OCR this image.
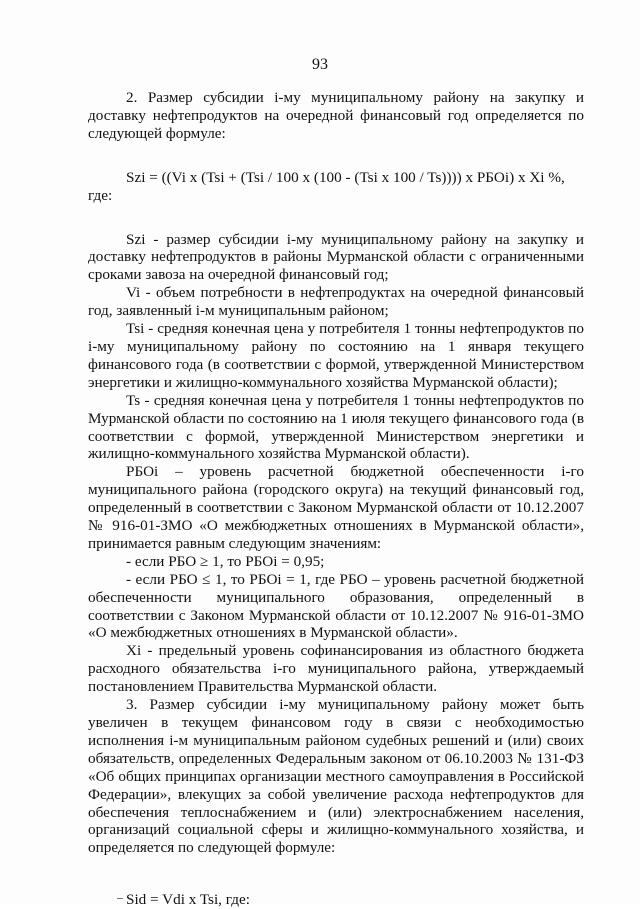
93

2. Размер субсидии i-му муниципальному району на закупку и доставку нефтепродуктов на очередной финансовый год определяется по следующей формуле:

Szi = ((Vi x (Tsi + (Tsi / 100 x (100 - (Tsi x 100 / Ts)))) x РБОi) x Xi %,

где:

Szi - размер субсидии i-му муниципальному району на закупку и доставку нефтепродуктов в районы Мурманской области с ограниченными сроками завоза на очередной финансовый год;

Vi - объем потребности в нефтепродуктах на очередной финансовый год, заявленный i-м муниципальным районом;

Tsi - средняя конечная цена у потребителя 1 тонны нефтепродуктов по i-му муниципальному району по состоянию на 1 января текущего финансового года (в соответствии с формой, утвержденной Министерством энергетики и жилищно-коммунального хозяйства Мурманской области);

Ts - средняя конечная цена у потребителя 1 тонны нефтепродуктов по Мурманской области по состоянию на 1 июля текущего финансового года (в соответствии с формой, утвержденной Министерством энергетики и жилищно-коммунального хозяйства Мурманской области).

РБОi – уровень расчетной бюджетной обеспеченности i-го муниципального района (городского округа) на текущий финансовый год, определенный в соответствии с Законом Мурманской области от 10.12.2007 № 916-01-ЗМО «О межбюджетных отношениях в Мурманской области», принимается равным следующим значениям:

- если РБО ≥ 1, то РБОi = 0,95;

- если РБО ≤ 1, то РБОi = 1, где РБО – уровень расчетной бюджетной обеспеченности муниципального образования, определенный в соответствии с Законом Мурманской области от 10.12.2007 № 916-01-ЗМО «О межбюджетных отношениях в Мурманской области».

Xi - предельный уровень софинансирования из областного бюджета расходного обязательства i-го муниципального района, утверждаемый постановлением Правительства Мурманской области.

3. Размер субсидии i-му муниципальному району может быть увеличен в текущем финансовом году в связи с необходимостью исполнения i-м муниципальным районом судебных решений и (или) своих обязательств, определенных Федеральным законом от 06.10.2003 № 131-ФЗ «Об общих принципах организации местного самоуправления в Российской Федерации», влекущих за собой увеличение расхода нефтепродуктов для обеспечения теплоснабжением и (или) электроснабжением населения, организаций социальной сферы и жилищно-коммунального хозяйства, и определяется по следующей формуле:

Sid = Vdi x Tsi, где:
